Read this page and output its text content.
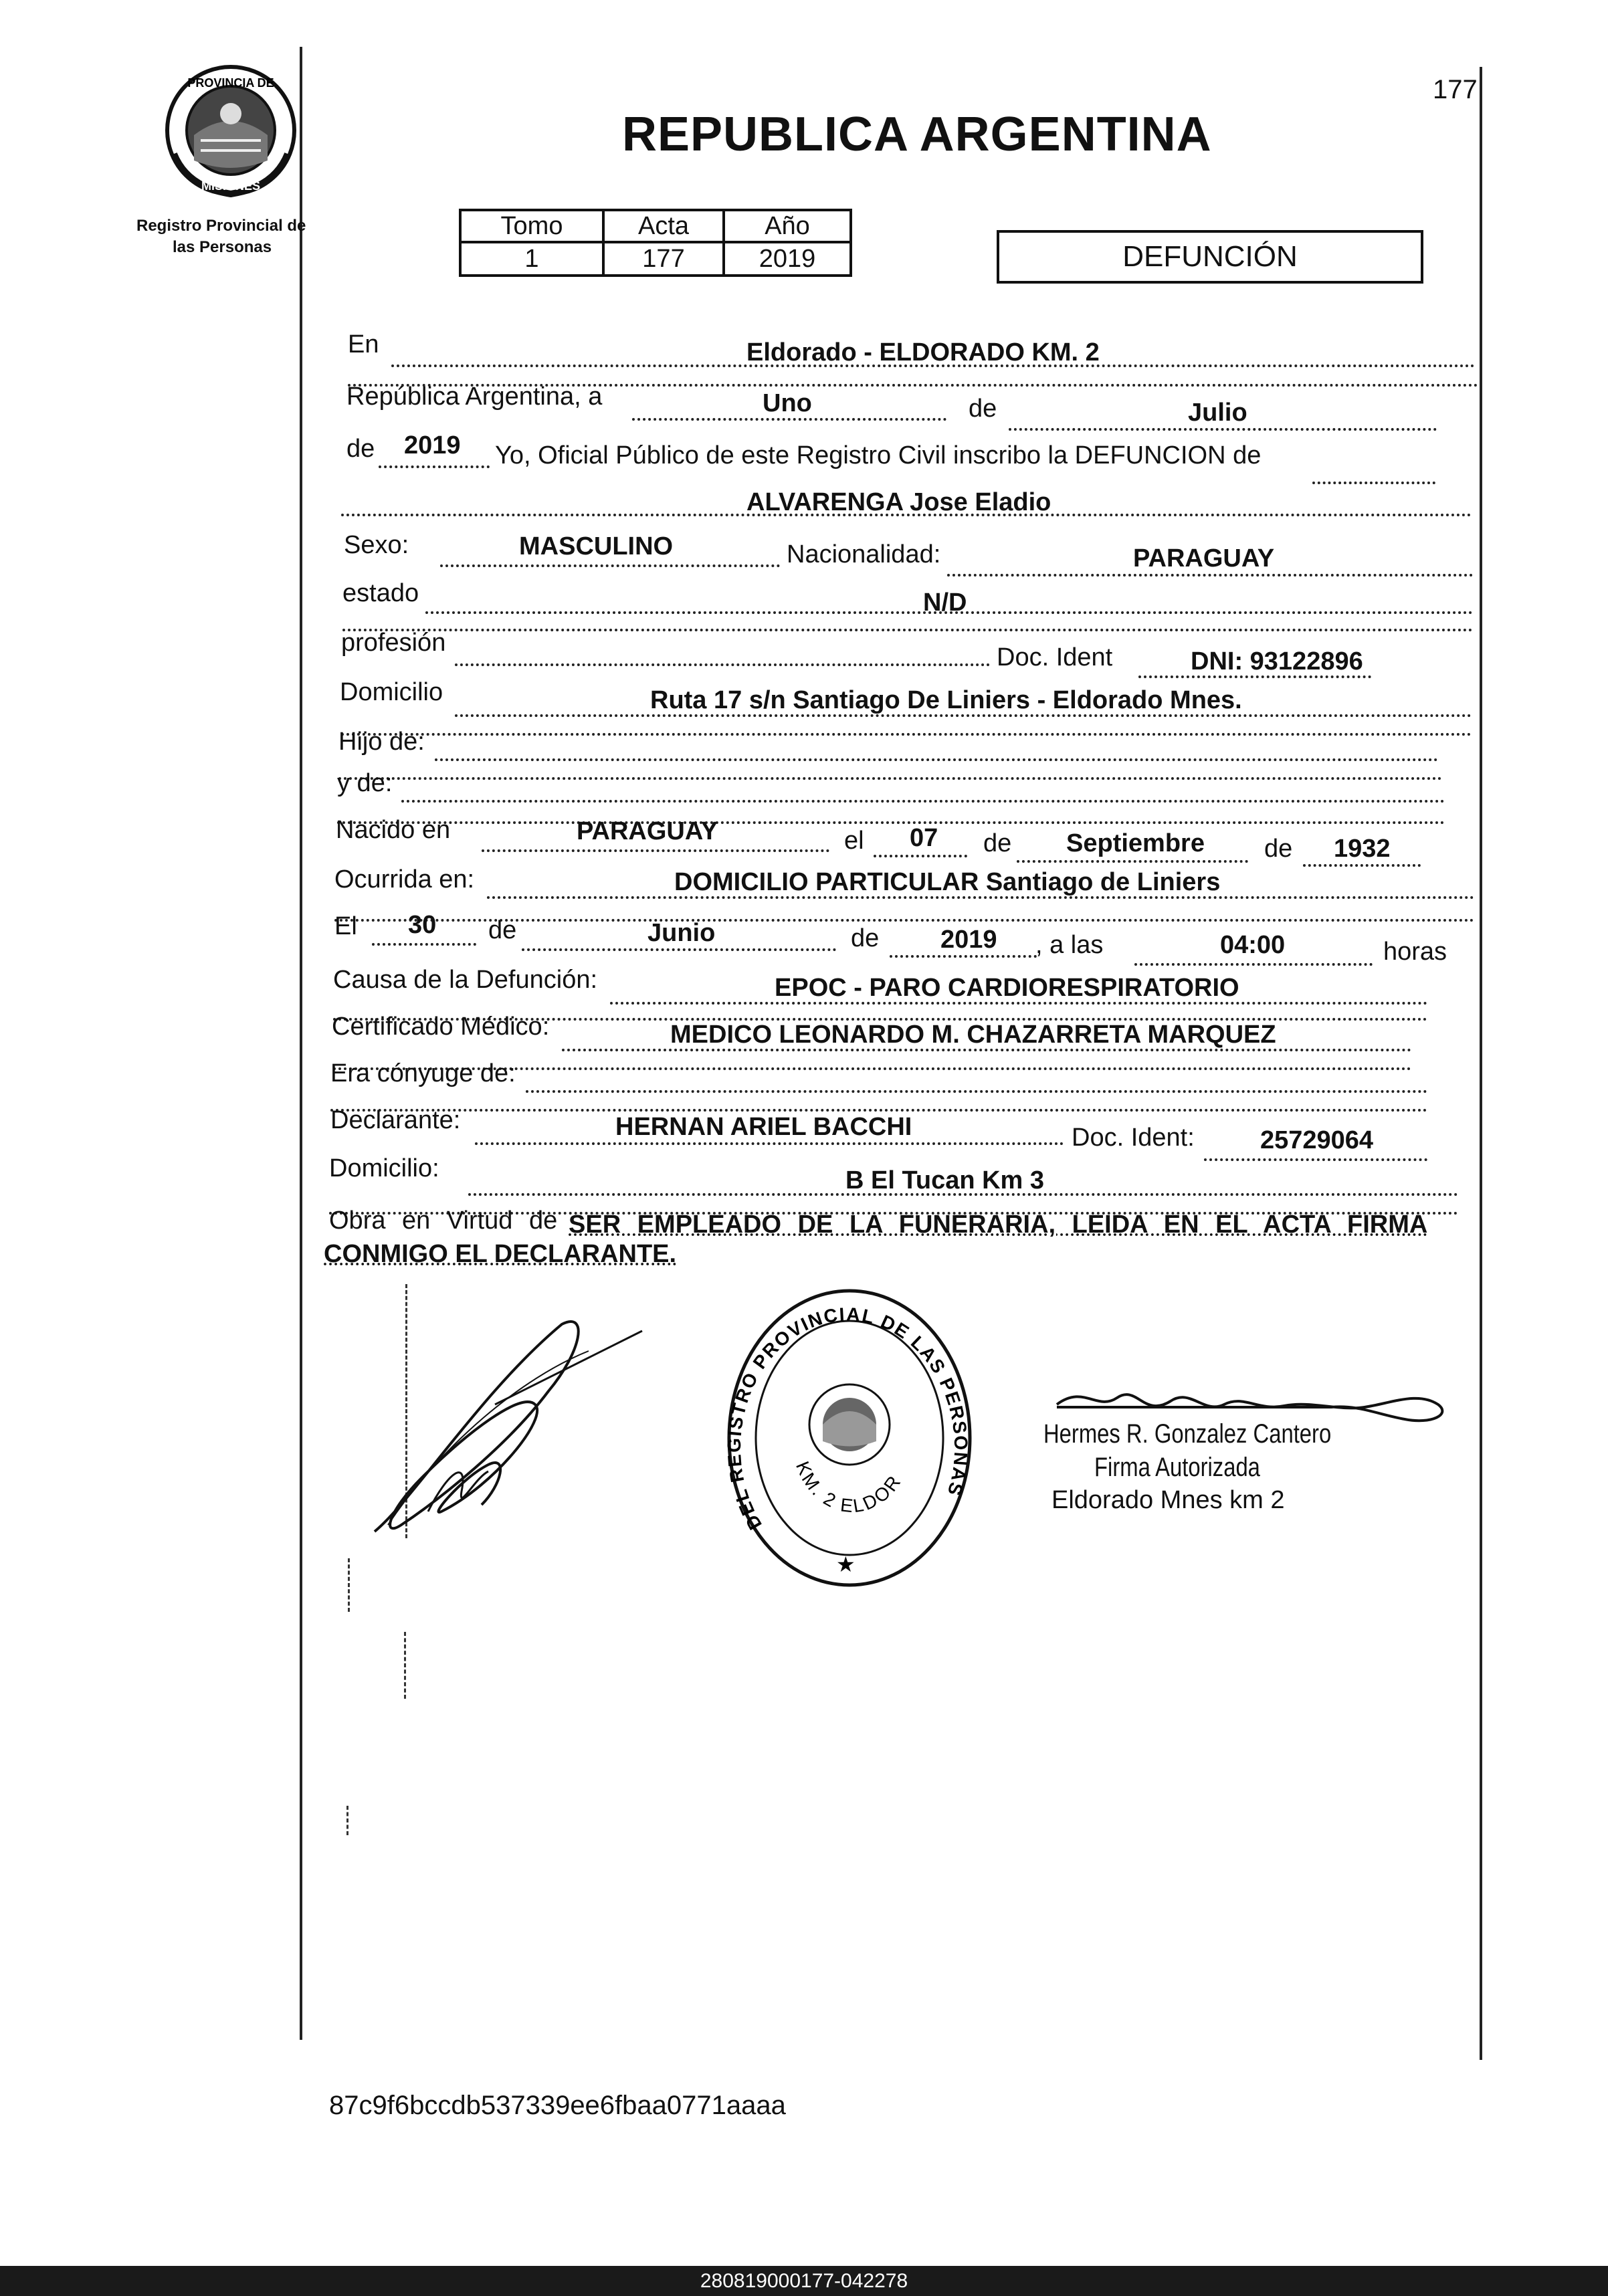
177
PROVINCIA DE
MISIONES
Registro Provincial de
las Personas
REPUBLICA ARGENTINA
Tomo	Acta	Año
1	177	2019	DEFUNCIÓN
En	Eldorado - ELDORADO KM. 2
República Argentina, a	Uno	de	Julio
de 2019 Yo, Oficial Público de este Registro Civil inscribo la DEFUNCION de
ALVARENGA Jose Eladio
Sexo:	MASCULINO	Nacionalidad:	PARAGUAY
estado	N/D
profesión
Doc. Ident	DNI: 93122896
Domicilio	Ruta 17 s/n Santiago De Liniers - Eldorado Mnes.
Hijo de:
y de:
Nacido en	PARAGUAY	el 07 de Septiembre de 1932
Ocurrida en:	DOMICILIO PARTICULAR Santiago de Liniers
El 30 de	Junio	de 2019 , a las	04:00	horas
Causa de la Defunción:	EPOC - PARO CARDIORESPIRATORIO
Certificado Médico:	MEDICO LEONARDO M. CHAZARRETA MARQUEZ
Era cónyuge de:
Declarante:	HERNAN ARIEL BACCHI	Doc. Ident:	25729064
Domicilio:	B El Tucan Km 3
Obra en Virtud de SER EMPLEADO DE LA FUNERARIA, LEIDA EN EL ACTA FIRMA
CONMIGO EL DECLARANTE.
DEL REGISTRO PROVINCIAL DE LAS PERSONAS
KM. 2 ELDOR
★
Hermes R. Gonzalez Cantero
Firma Autorizada
Eldorado Mnes km 2
87c9f6bccdb537339ee6fbaa0771aaaa
280819000177-042278
